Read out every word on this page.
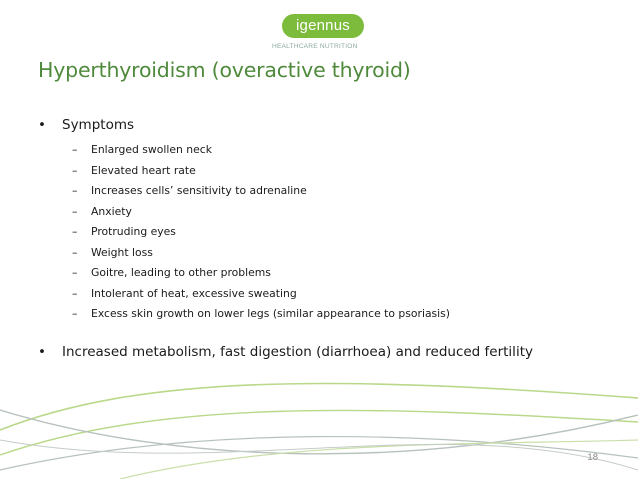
igennus
HEALTHCARE NUTRITION
Hyperthyroidism (overactive thyroid)
• Symptoms
– Enlarged swollen neck
– Elevated heart rate
– Increases cells’ sensitivity to adrenaline
– Anxiety
– Protruding eyes
– Weight loss
– Goitre, leading to other problems
– Intolerant of heat, excessive sweating
– Excess skin growth on lower legs (similar appearance to psoriasis)
• Increased metabolism, fast digestion (diarrhoea) and reduced fertility
18
